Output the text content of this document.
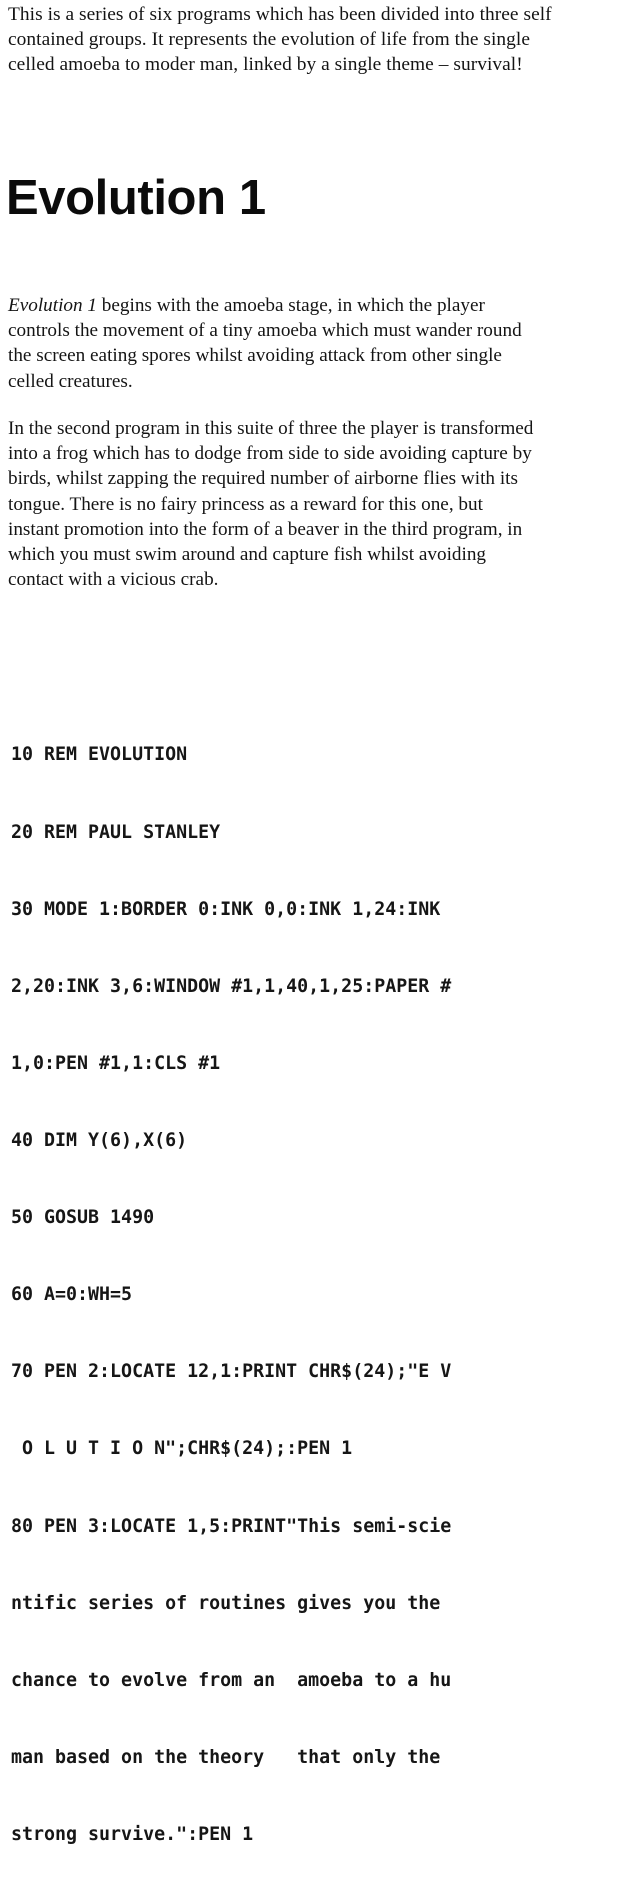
This is a series of six programs which has been divided into three self
contained groups. It represents the evolution of life from the single
celled amoeba to moder man, linked by a single theme – survival!

Evolution 1

Evolution 1 begins with the amoeba stage, in which the player
controls the movement of a tiny amoeba which must wander round
the screen eating spores whilst avoiding attack from other single
celled creatures.

In the second program in this suite of three the player is transformed
into a frog which has to dodge from side to side avoiding capture by
birds, whilst zapping the required number of airborne flies with its
tongue. There is no fairy princess as a reward for this one, but
instant promotion into the form of a beaver in the third program, in
which you must swim around and capture fish whilst avoiding
contact with a vicious crab.

10 REM EVOLUTION

20 REM PAUL STANLEY

30 MODE 1:BORDER 0:INK 0,0:INK 1,24:INK

2,20:INK 3,6:WINDOW #1,1,40,1,25:PAPER #

1,0:PEN #1,1:CLS #1

40 DIM Y(6),X(6)

50 GOSUB 1490

60 A=0:WH=5

70 PEN 2:LOCATE 12,1:PRINT CHR$(24);"E V

O L U T I O N";CHR$(24);:PEN 1

80 PEN 3:LOCATE 1,5:PRINT"This semi-scie

ntific series of routines gives you the

chance to evolve from an  amoeba to a hu

man based on the theory   that only the

strong survive.":PEN 1
